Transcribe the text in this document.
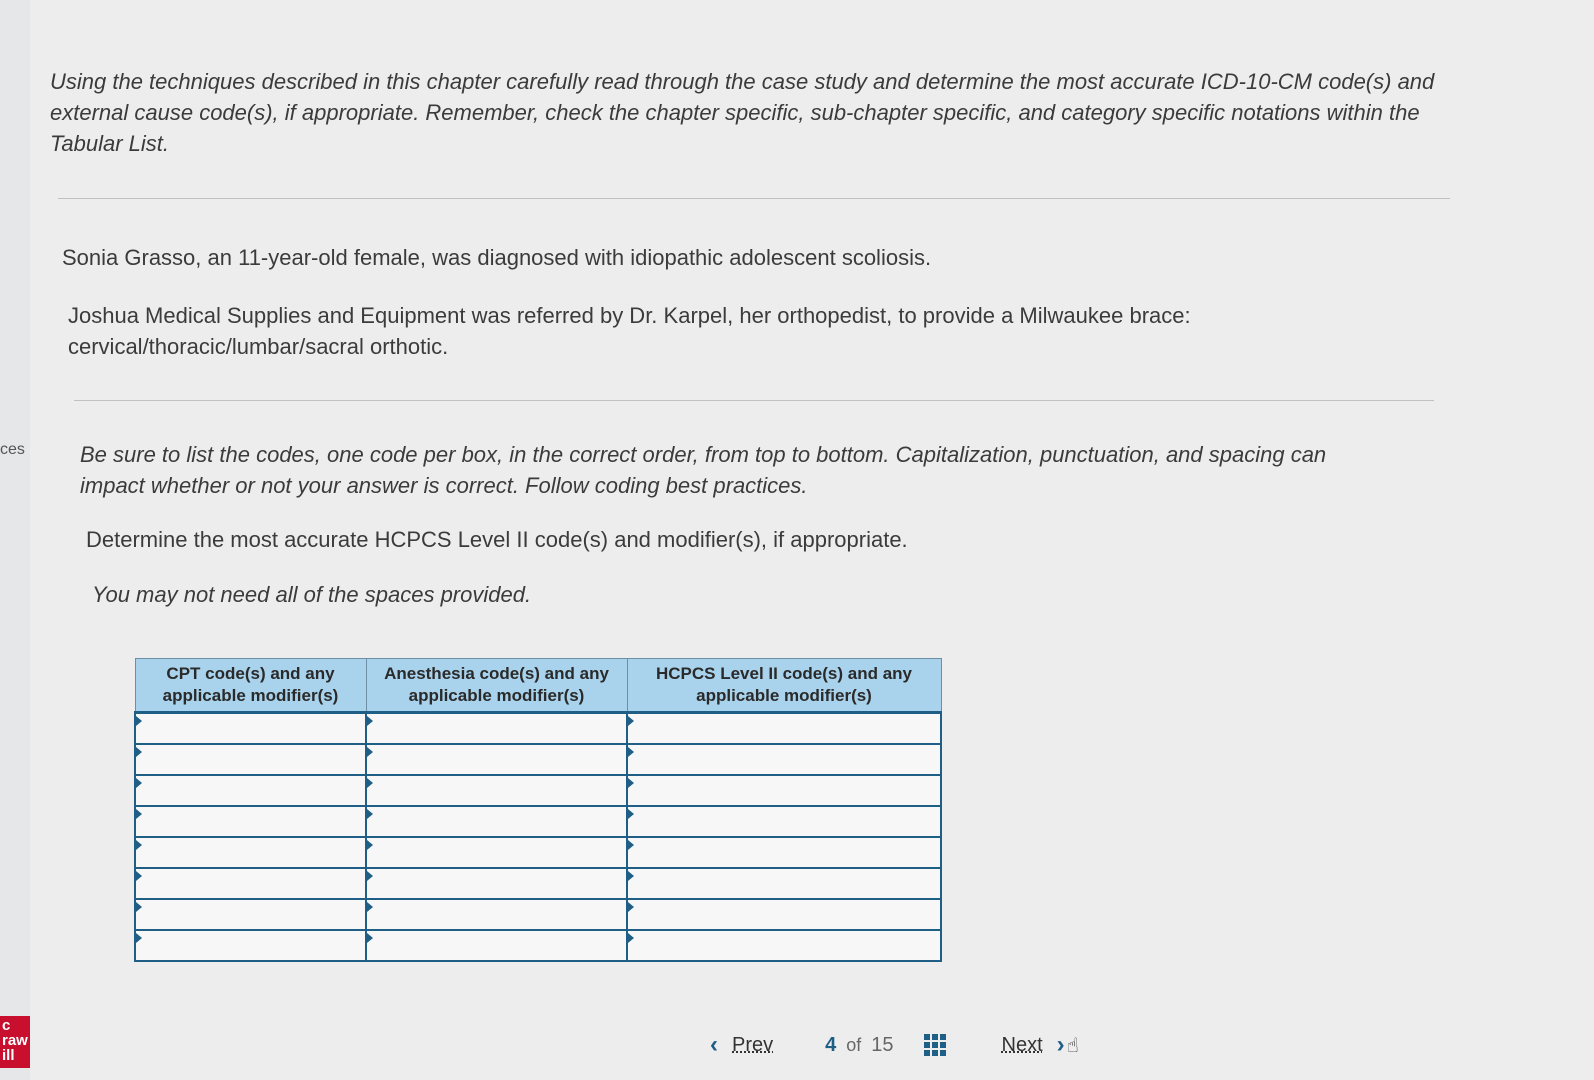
ces
c
raw
ill

Using the techniques described in this chapter carefully read through the case study and determine the most accurate ICD-10-CM code(s) and external cause code(s), if appropriate. Remember, check the chapter specific, sub-chapter specific, and category specific notations within the Tabular List.

Sonia Grasso, an 11-year-old female, was diagnosed with idiopathic adolescent scoliosis.

Joshua Medical Supplies and Equipment was referred by Dr. Karpel, her orthopedist, to provide a Milwaukee brace: cervical/thoracic/lumbar/sacral orthotic.

Be sure to list the codes, one code per box, in the correct order, from top to bottom. Capitalization, punctuation, and spacing can impact whether or not your answer is correct. Follow coding best practices.

Determine the most accurate HCPCS Level II code(s) and modifier(s), if appropriate.

You may not need all of the spaces provided.

CPT code(s) and any applicable modifier(s)	Anesthesia code(s) and any applicable modifier(s)	HCPCS Level II code(s) and any applicable modifier(s)

‹ Prev	4 of 15	Next › ☝
